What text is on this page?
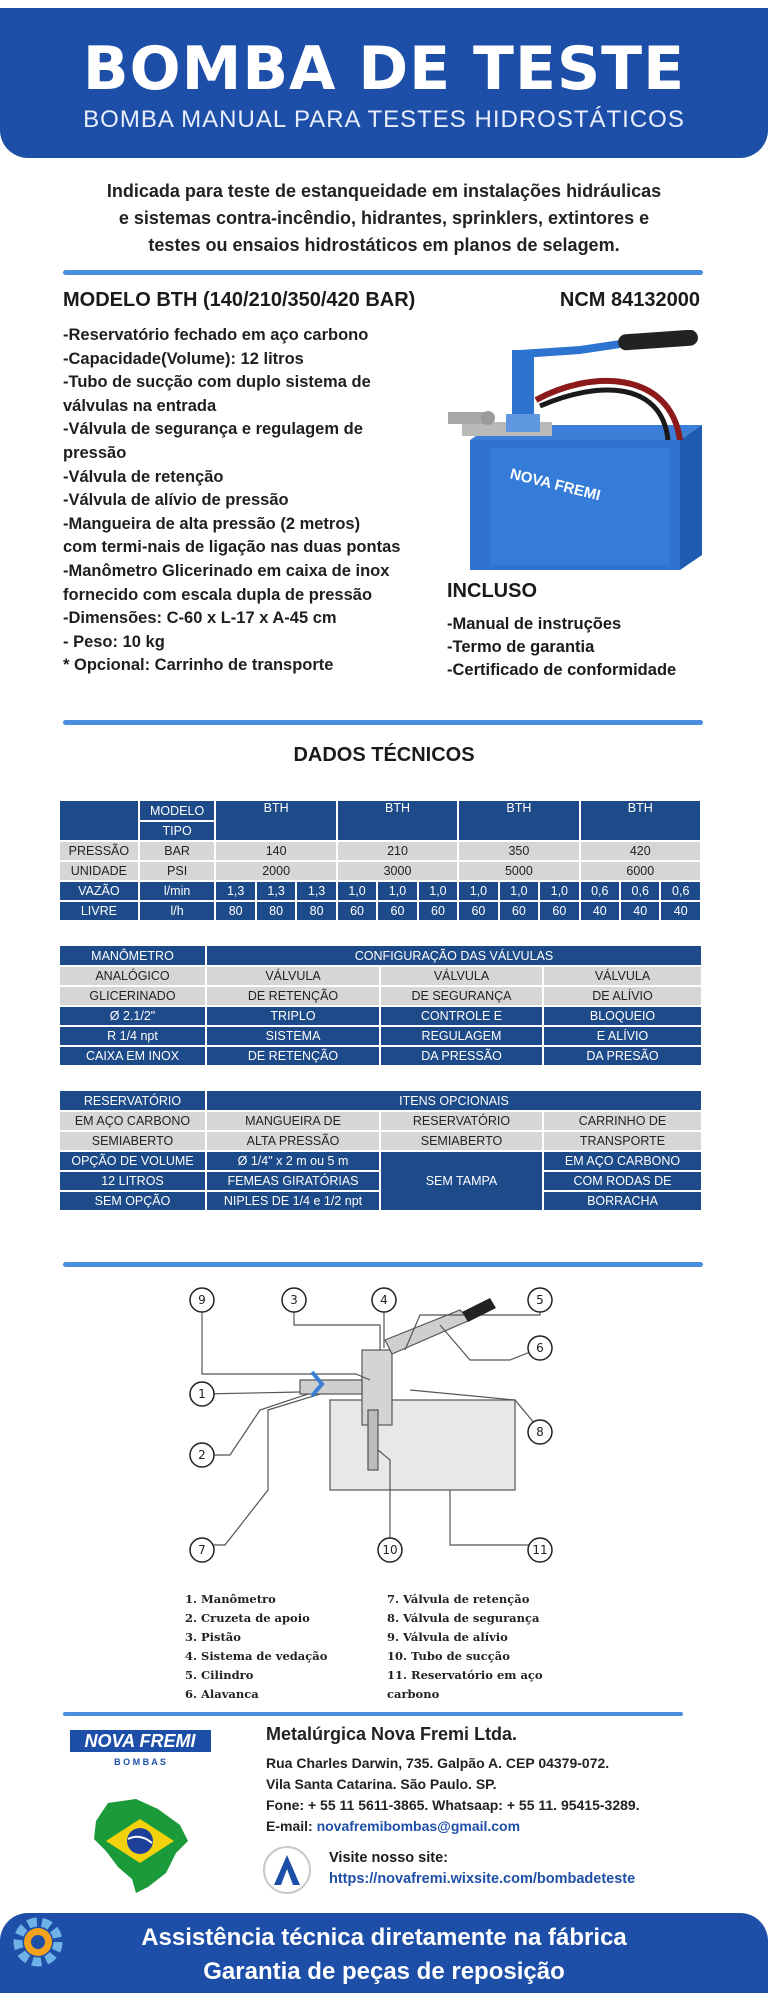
BOMBA DE TESTE
BOMBA MANUAL PARA TESTES HIDROSTÁTICOS
Indicada para teste de estanqueidade em instalações hidráulicas
e sistemas contra-incêndio, hidrantes, sprinklers, extintores e
testes ou ensaios hidrostáticos em planos de selagem.
MODELO BTH (140/210/350/420 BAR)	NCM 84132000
-Reservatório fechado em aço carbono
-Capacidade(Volume): 12 litros
-Tubo de sucção com duplo sistema de
válvulas na entrada
-Válvula de segurança e regulagem de
pressão
-Válvula de retenção
-Válvula de alívio de pressão
-Mangueira de alta pressão (2 metros)
com termi-nais de ligação nas duas pontas
-Manômetro Glicerinado em caixa de inox
fornecido com escala dupla de pressão
-Dimensões: C-60 x L-17 x A-45 cm
- Peso: 10 kg
* Opcional: Carrinho de transporte
NOVA FREMI
INCLUSO
-Manual de instruções
-Termo de garantia
-Certificado de conformidade
DADOS TÉCNICOS
	MODELO	BTH			BTH			BTH			BTH		
	TIPO												
PRESSÃO	BAR	140			210			350			420		
UNIDADE	PSI	2000			3000			5000			6000		
VAZÃO	l/min	1,3	1,3	1,3	1,0	1,0	1,0	1,0	1,0	1,0	0,6	0,6	0,6
LIVRE	l/h	80	80	80	60	60	60	60	60	60	40	40	40
MANÔMETRO	CONFIGURAÇÃO DAS VÁLVULAS		
ANALÓGICO	VÁLVULA	VÁLVULA	VÁLVULA
GLICERINADO	DE RETENÇÃO	DE SEGURANÇA	DE ALÍVIO
Ø 2.1/2"	TRIPLO	CONTROLE E	BLOQUEIO
R 1/4 npt	SISTEMA	REGULAGEM	E ALÍVIO
CAIXA EM INOX	DE RETENÇÃO	DA PRESSÃO	DA PRESÃO
RESERVATÓRIO	ITENS OPCIONAIS		
EM AÇO CARBONO	MANGUEIRA DE	RESERVATÓRIO	CARRINHO DE
SEMIABERTO	ALTA PRESSÃO	SEMIABERTO	TRANSPORTE
OPÇÃO DE VOLUME	Ø 1/4" x 2 m ou 5 m	SEM TAMPA	EM AÇO CARBONO
12 LITROS	FEMEAS GIRATÓRIAS		COM RODAS DE
SEM OPÇÃO	NIPLES DE 1/4 e 1/2 npt		BORRACHA
9	3	4	5
6
1
2
8
7	10	11
1. Manômetro
2. Cruzeta de apoio
3. Pistão
4. Sistema de vedação
5. Cilindro
6. Alavanca
7. Válvula de retenção
8. Válvula de segurança
9. Válvula de alívio
10. Tubo de sucção
11. Reservatório em aço
carbono
NOVA FREMI
B O M B A S
Metalúrgica Nova Fremi Ltda.
Rua Charles Darwin, 735. Galpão A. CEP 04379-072.
Vila Santa Catarina. São Paulo. SP.
Fone: + 55 11 5611-3865. Whatsaap: + 55 11. 95415-3289.
E-mail: novafremibombas@gmail.com
Visite nosso site:
https://novafremi.wixsite.com/bombadeteste
Assistência técnica diretamente na fábrica
Garantia de peças de reposição
